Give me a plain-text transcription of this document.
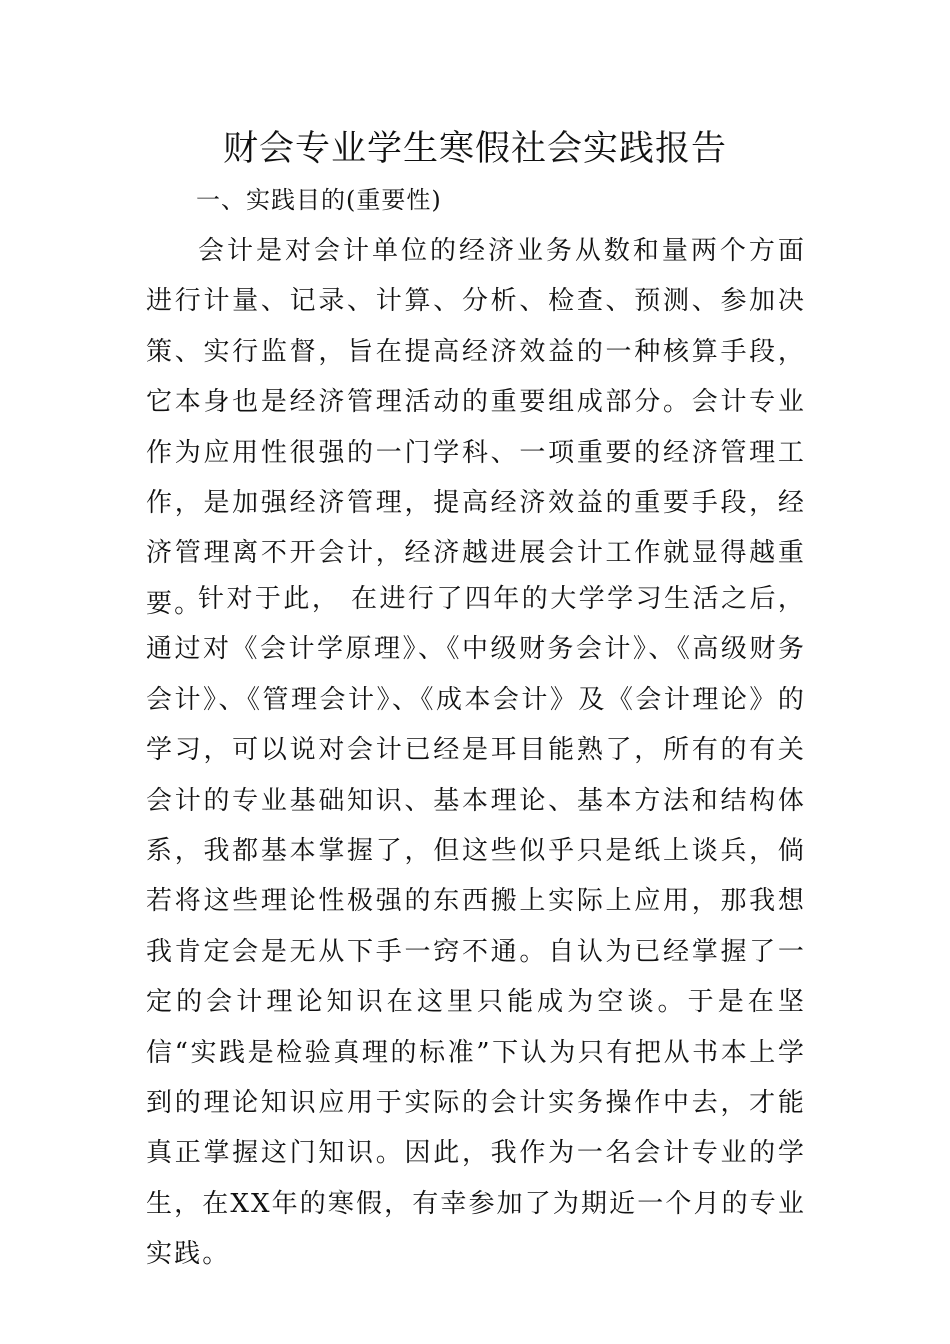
财会专业学生寒假社会实践报告
一、实践目的(重要性)

会计是对会计单位的经济业务从数和量两个方面进行计量、记录、计算、分析、检查、预测、参加决策、实行监督，旨在提高经济效益的一种核算手段，它本身也是经济管理活动的重要组成部分。会计专业作为应用性很强的一门学科、一项重要的经济管理工作，是加强经济管理，提高经济效益的重要手段，经济管理离不开会计，经济越进展会计工作就显得越重要。

针对于此， 在进行了四年的大学学习生活之后，通过对《会计学原理》、《中级财务会计》、《高级财务会计》、《管理会计》、《成本会计》及《会计理论》的学习，可以说对会计已经是耳目能熟了，所有的有关会计的专业基础知识、基本理论、基本方法和结构体系，我都基本掌握了，但这些似乎只是纸上谈兵，倘若将这些理论性极强的东西搬上实际上应用，那我想我肯定会是无从下手一窍不通。自认为已经掌握了一定的会计理论知识在这里只能成为空谈。于是在坚信“实践是检验真理的标准”下认为只有把从书本上学到的理论知识应用于实际的会计实务操作中去，才能真正掌握这门知识。因此，我作为一名会计专业的学生，在XX年的寒假，有幸参加了为期近一个月的专业实践。
